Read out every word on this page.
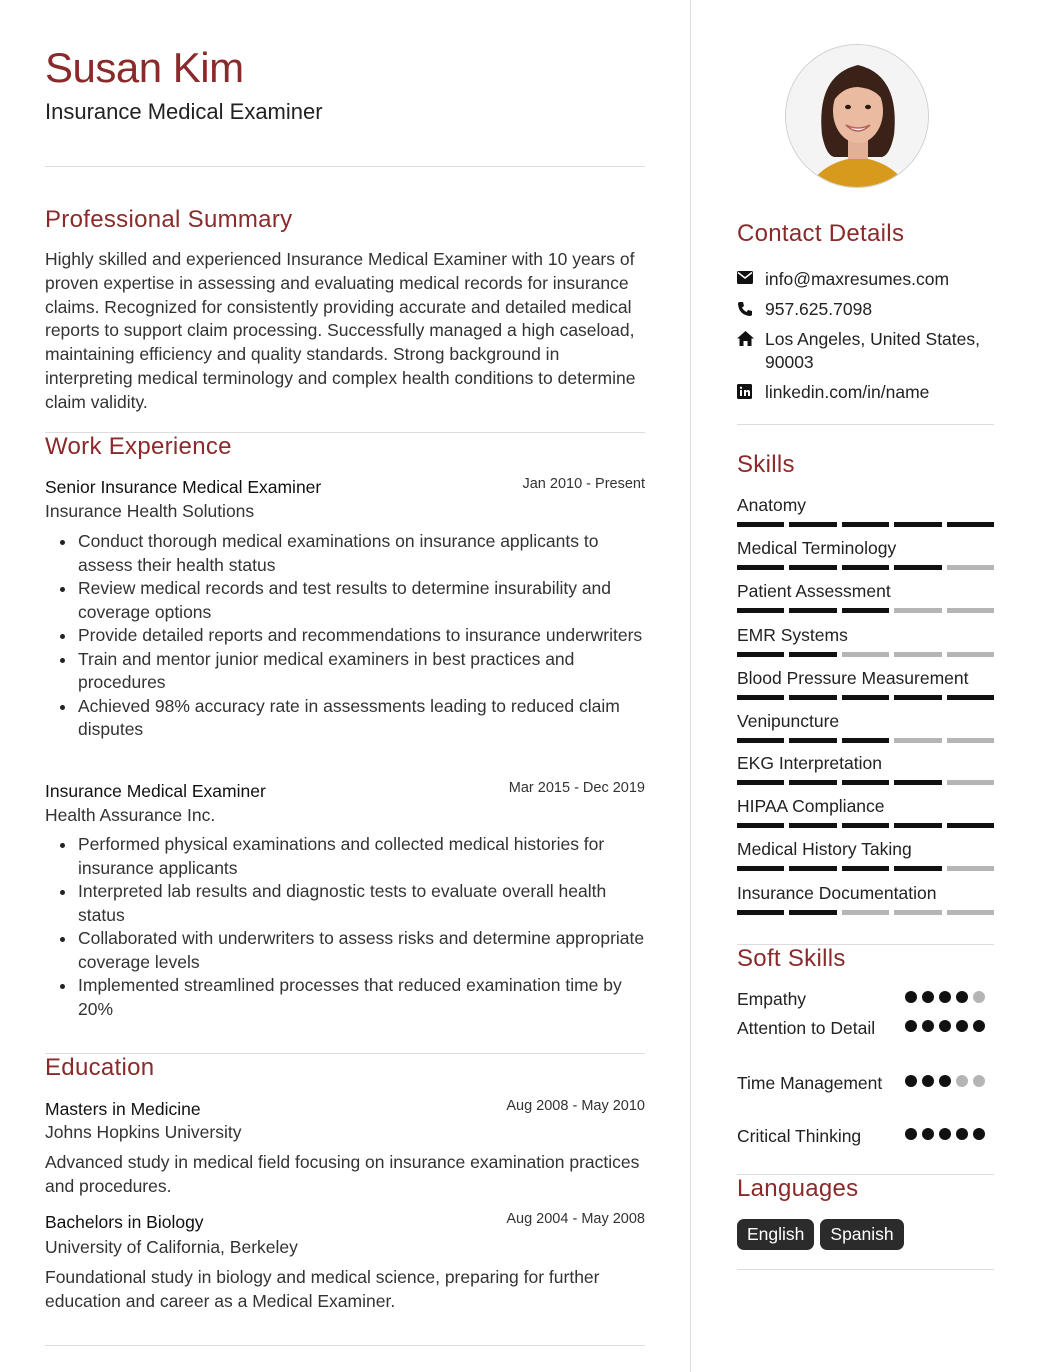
Susan Kim
Insurance Medical Examiner
Professional Summary
Highly skilled and experienced Insurance Medical Examiner with 10 years of proven expertise in assessing and evaluating medical records for insurance claims. Recognized for consistently providing accurate and detailed medical reports to support claim processing. Successfully managed a high caseload, maintaining efficiency and quality standards. Strong background in interpreting medical terminology and complex health conditions to determine claim validity.
Work Experience
Senior Insurance Medical Examiner	Jan 2010 - Present
Insurance Health Solutions
Conduct thorough medical examinations on insurance applicants to assess their health status
Review medical records and test results to determine insurability and coverage options
Provide detailed reports and recommendations to insurance underwriters
Train and mentor junior medical examiners in best practices and procedures
Achieved 98% accuracy rate in assessments leading to reduced claim disputes
Insurance Medical Examiner	Mar 2015 - Dec 2019
Health Assurance Inc.
Performed physical examinations and collected medical histories for insurance applicants
Interpreted lab results and diagnostic tests to evaluate overall health status
Collaborated with underwriters to assess risks and determine appropriate coverage levels
Implemented streamlined processes that reduced examination time by 20%
Education
Masters in Medicine	Aug 2008 - May 2010
Johns Hopkins University
Advanced study in medical field focusing on insurance examination practices and procedures.
Bachelors in Biology	Aug 2004 - May 2008
University of California, Berkeley
Foundational study in biology and medical science, preparing for further education and career as a Medical Examiner.
Contact Details
info@maxresumes.com
957.625.7098
Los Angeles, United States, 90003
linkedin.com/in/name
Skills
Anatomy
Medical Terminology
Patient Assessment
EMR Systems
Blood Pressure Measurement
Venipuncture
EKG Interpretation
HIPAA Compliance
Medical History Taking
Insurance Documentation
Soft Skills
Empathy
Attention to Detail
Time Management
Critical Thinking
Languages
English	Spanish
